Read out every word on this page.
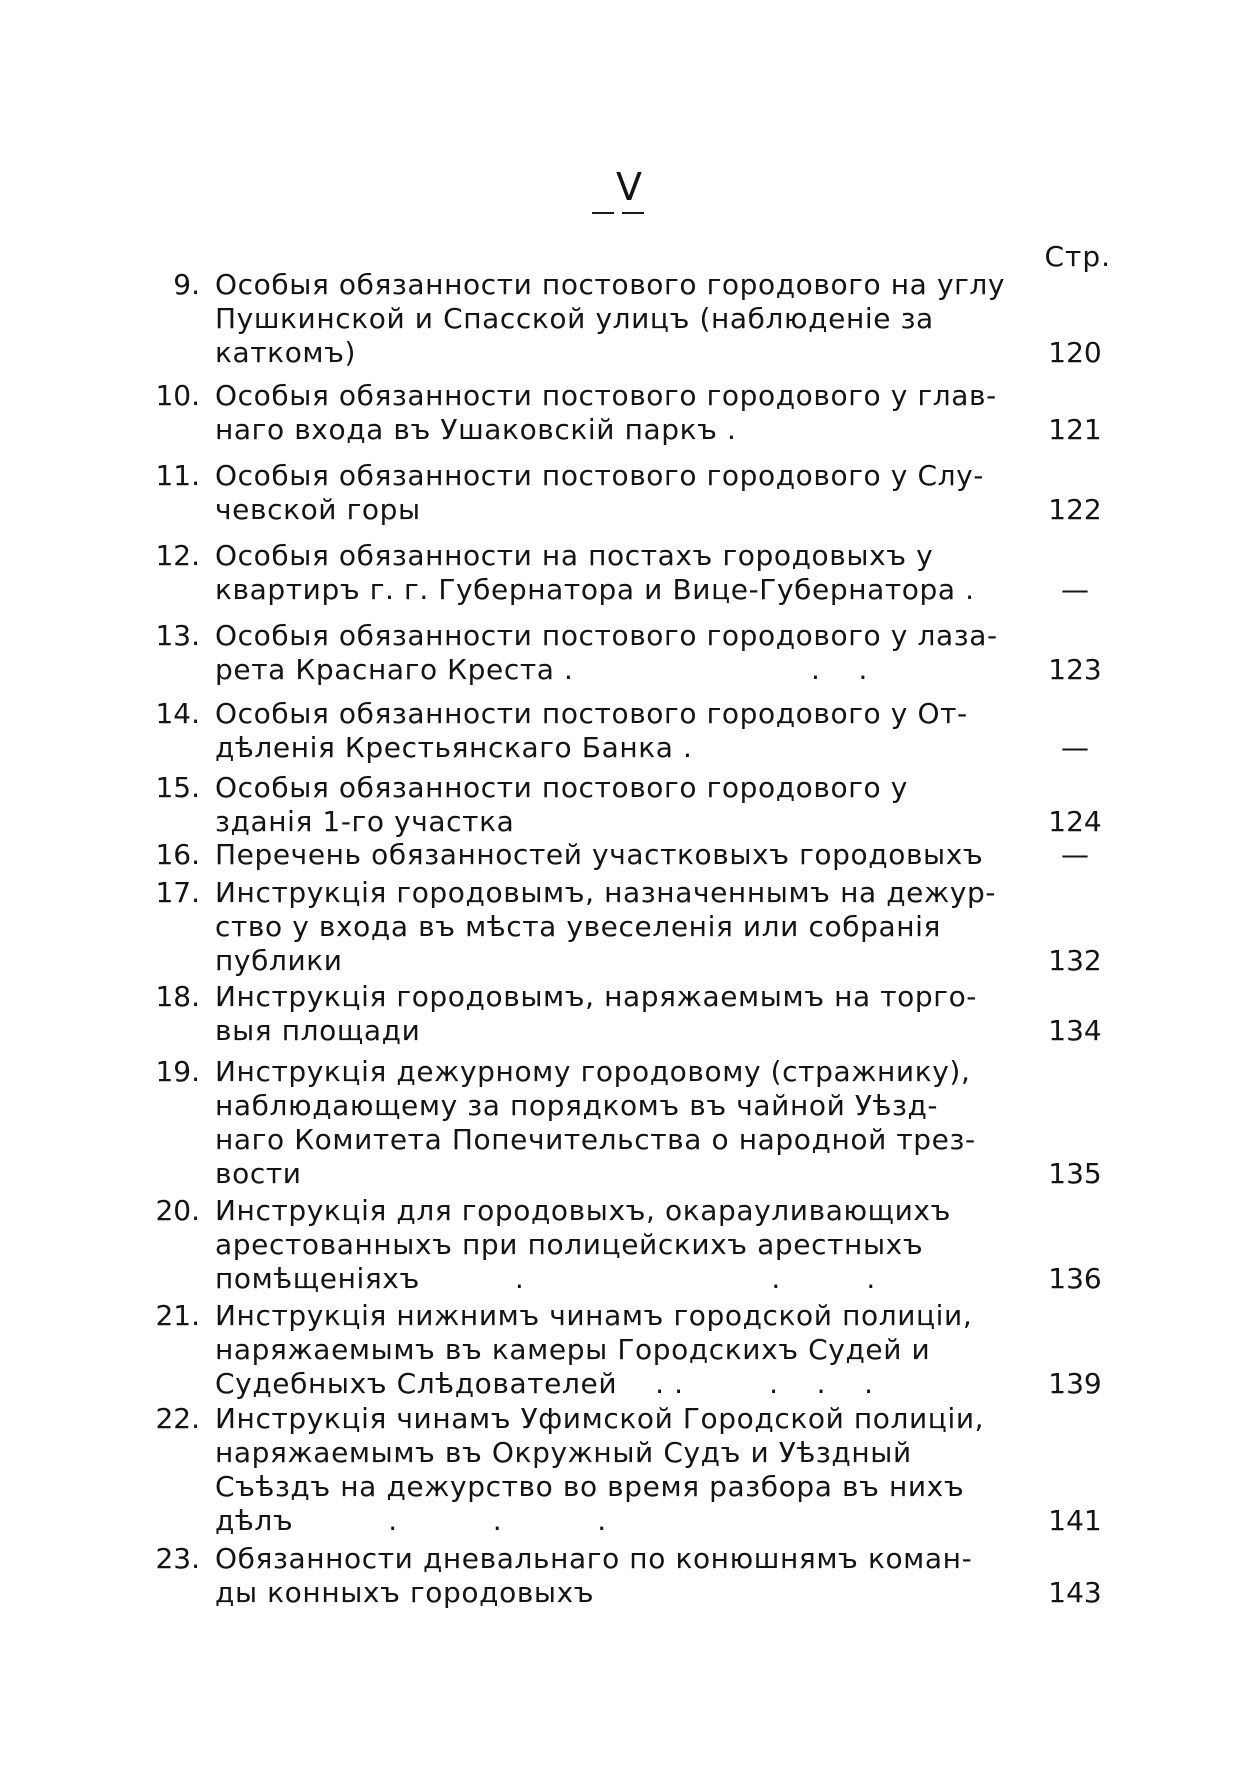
V
Стр.
9. Особыя обязанности постового городового на углу
Пушкинской и Спасской улицъ (наблюденіе за
каткомъ)	120
10. Особыя обязанности постового городового у глав-
наго входа въ Ушаковскій паркъ .	121
11. Особыя обязанности постового городового у Слу-
чевской горы	122
12. Особыя обязанности на постахъ городовыхъ у
квартиръ г. г. Губернатора и Вице-Губернатора .	—
13. Особыя обязанности постового городового у лаза-
рета Краснаго Креста .                         .    .	123
14. Особыя обязанности постового городового у От-
дѣленія Крестьянскаго Банка .	—
15. Особыя обязанности постового городового у
зданія 1-го участка	124
16. Перечень обязанностей участковыхъ городовыхъ	—
17. Инструкція городовымъ, назначеннымъ на дежур-
ство у входа въ мѣста увеселенія или собранія
публики	132
18. Инструкція городовымъ, наряжаемымъ на торго-
выя площади	134
19. Инструкція дежурному городовому (стражнику),
наблюдающему за порядкомъ въ чайной Уѣзд-
наго Комитета Попечительства о народной трез-
вости	135
20. Инструкція для городовыхъ, окарауливающихъ
арестованныхъ при полицейскихъ арестныхъ
помѣщеніяхъ          .                          .         .	136
21. Инструкція нижнимъ чинамъ городской полиціи,
наряжаемымъ въ камеры Городскихъ Судей и
Судебныхъ Слѣдователей    . .         .    .    .	139
22. Инструкція чинамъ Уфимской Городской полиціи,
наряжаемымъ въ Окружный Судъ и Уѣздный
Съѣздъ на дежурство во время разбора въ нихъ
дѣлъ          .          .          .	141
23. Обязанности дневальнаго по конюшнямъ коман-
ды конныхъ городовыхъ	143
